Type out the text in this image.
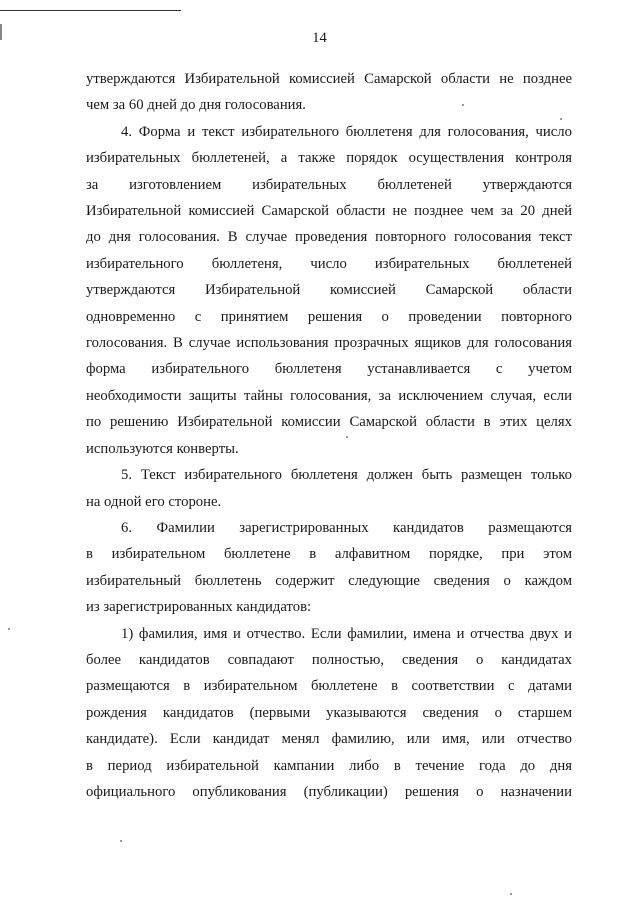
14
утверждаются Избирательной комиссией Самарской области не позднее
чем за 60 дней до дня голосования.
4. Форма и текст избирательного бюллетеня для голосования, число
избирательных бюллетеней, а также порядок осуществления контроля
за изготовлением избирательных бюллетеней утверждаются
Избирательной комиссией Самарской области не позднее чем за 20 дней
до дня голосования. В случае проведения повторного голосования текст
избирательного бюллетеня, число избирательных бюллетеней
утверждаются Избирательной комиссией Самарской области
одновременно с принятием решения о проведении повторного
голосования. В случае использования прозрачных ящиков для голосования
форма избирательного бюллетеня устанавливается с учетом
необходимости защиты тайны голосования, за исключением случая, если
по решению Избирательной комиссии Самарской области в этих целях
используются конверты.
5. Текст избирательного бюллетеня должен быть размещен только
на одной его стороне.
6. Фамилии зарегистрированных кандидатов размещаются
в избирательном бюллетене в алфавитном порядке, при этом
избирательный бюллетень содержит следующие сведения о каждом
из зарегистрированных кандидатов:
1) фамилия, имя и отчество. Если фамилии, имена и отчества двух и
более кандидатов совпадают полностью, сведения о кандидатах
размещаются в избирательном бюллетене в соответствии с датами
рождения кандидатов (первыми указываются сведения о старшем
кандидате). Если кандидат менял фамилию, или имя, или отчество
в период избирательной кампании либо в течение года до дня
официального опубликования (публикации) решения о назначении
